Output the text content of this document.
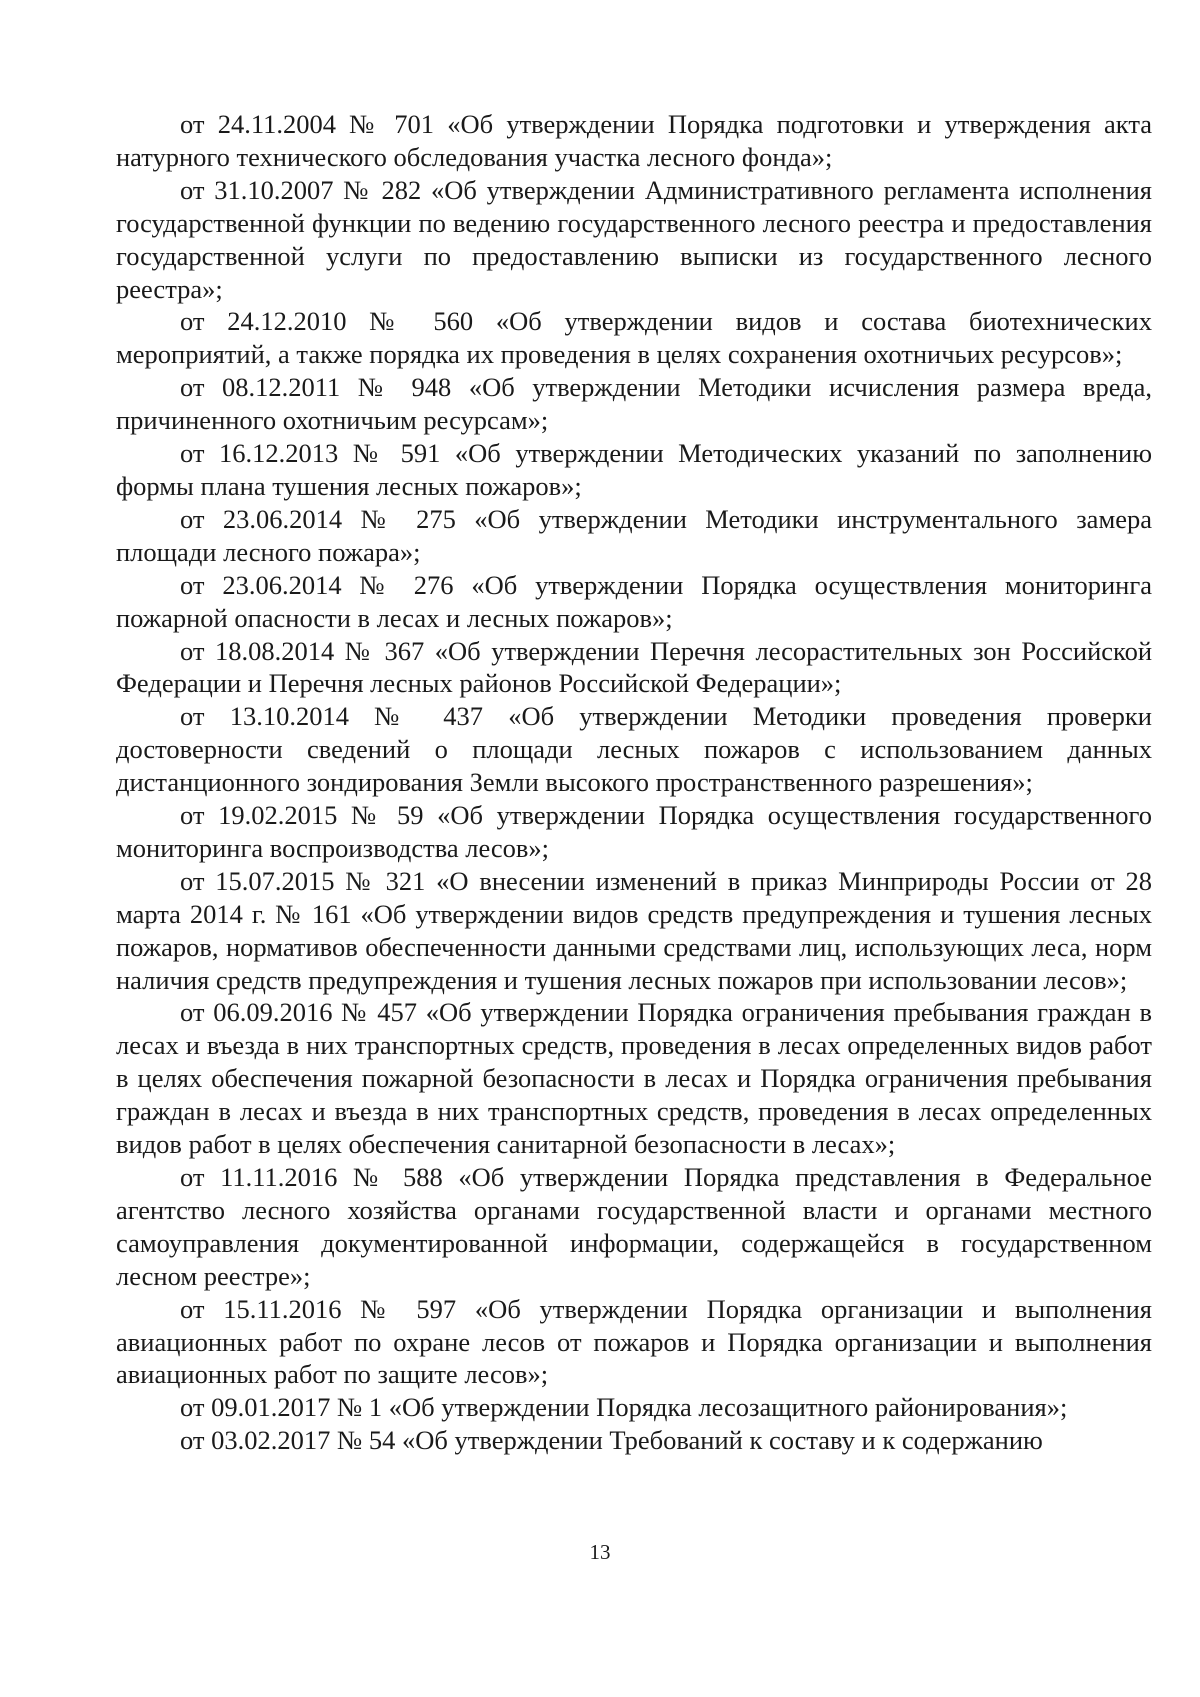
от 24.11.2004 № 701 «Об утверждении Порядка подготовки и утверждения акта натурного технического обследования участка лесного фонда»;

от 31.10.2007 № 282 «Об утверждении Административного регламента исполнения государственной функции по ведению государственного лесного реестра и предоставления государственной услуги по предоставлению выписки из государственного лесного реестра»;

от 24.12.2010 № 560 «Об утверждении видов и состава биотехнических мероприятий, а также порядка их проведения в целях сохранения охотничьих ресурсов»;

от 08.12.2011 № 948 «Об утверждении Методики исчисления размера вреда, причиненного охотничьим ресурсам»;

от 16.12.2013 № 591 «Об утверждении Методических указаний по заполнению формы плана тушения лесных пожаров»;

от 23.06.2014 № 275 «Об утверждении Методики инструментального замера площади лесного пожара»;

от 23.06.2014 № 276 «Об утверждении Порядка осуществления мониторинга пожарной опасности в лесах и лесных пожаров»;

от 18.08.2014 № 367 «Об утверждении Перечня лесорастительных зон Российской Федерации и Перечня лесных районов Российской Федерации»;

от 13.10.2014 № 437 «Об утверждении Методики проведения проверки достоверности сведений о площади лесных пожаров с использованием данных дистанционного зондирования Земли высокого пространственного разрешения»;

от 19.02.2015 № 59 «Об утверждении Порядка осуществления государственного мониторинга воспроизводства лесов»;

от 15.07.2015 № 321 «О внесении изменений в приказ Минприроды России от 28 марта 2014 г. № 161 «Об утверждении видов средств предупреждения и тушения лесных пожаров, нормативов обеспеченности данными средствами лиц, использующих леса, норм наличия средств предупреждения и тушения лесных пожаров при использовании лесов»;

от 06.09.2016 № 457 «Об утверждении Порядка ограничения пребывания граждан в лесах и въезда в них транспортных средств, проведения в лесах определенных видов работ в целях обеспечения пожарной безопасности в лесах и Порядка ограничения пребывания граждан в лесах и въезда в них транспортных средств, проведения в лесах определенных видов работ в целях обеспечения санитарной безопасности в лесах»;

от 11.11.2016 № 588 «Об утверждении Порядка представления в Федеральное агентство лесного хозяйства органами государственной власти и органами местного самоуправления документированной информации, содержащейся в государственном лесном реестре»;

от 15.11.2016 № 597 «Об утверждении Порядка организации и выполнения авиационных работ по охране лесов от пожаров и Порядка организации и выполнения авиационных работ по защите лесов»;

от 09.01.2017 № 1 «Об утверждении Порядка лесозащитного районирования»;

от 03.02.2017 № 54 «Об утверждении Требований к составу и к содержанию

13
